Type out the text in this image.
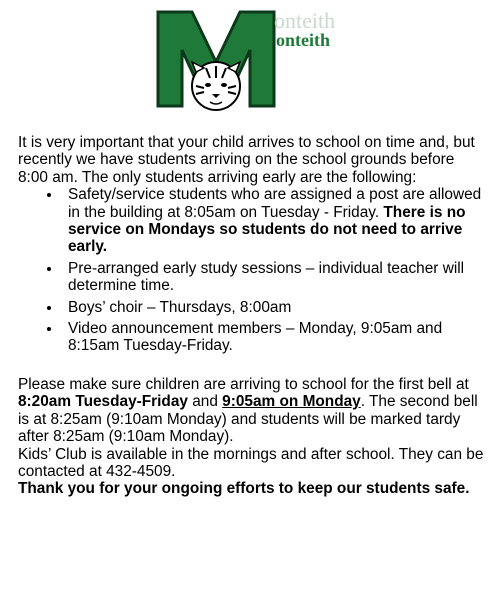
onteith
onteith

It is very important that your child arrives to school on time and, but recently we have students arriving on the school grounds before 8:00 am. The only students arriving early are the following:

• Safety/service students who are assigned a post are allowed in the building at 8:05am on Tuesday - Friday. There is no service on Mondays so students do not need to arrive early.
• Pre-arranged early study sessions – individual teacher will determine time.
• Boys’ choir – Thursdays, 8:00am
• Video announcement members – Monday, 9:05am and 8:15am Tuesday-Friday.

Please make sure children are arriving to school for the first bell at 8:20am Tuesday-Friday and 9:05am on Monday. The second bell is at 8:25am (9:10am Monday) and students will be marked tardy after 8:25am (9:10am Monday).

Kids’ Club is available in the mornings and after school. They can be contacted at 432-4509.

Thank you for your ongoing efforts to keep our students safe.
